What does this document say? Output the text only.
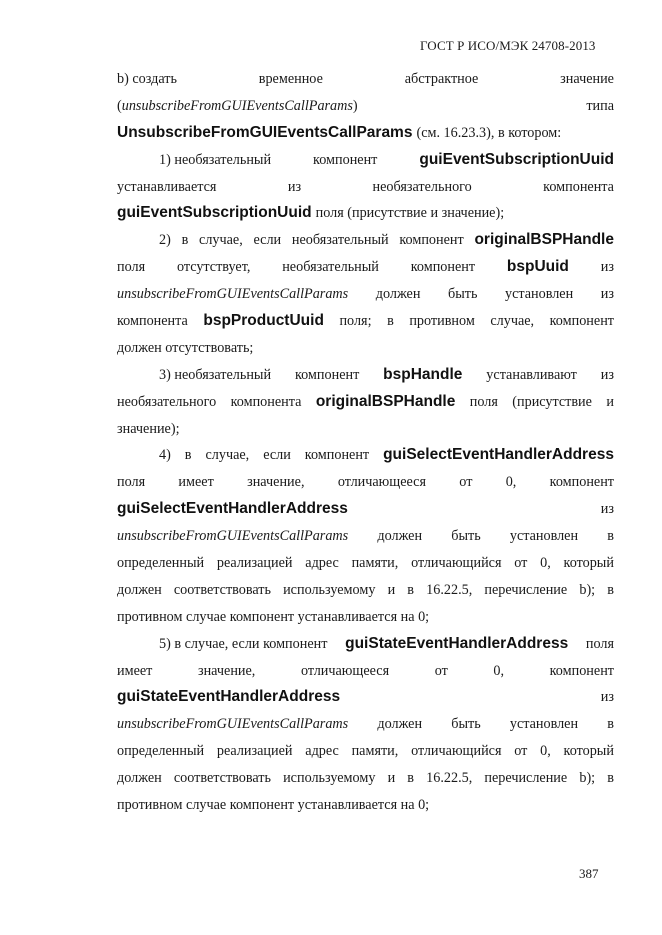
ГОСТ Р ИСО/МЭК 24708-2013
b) создать	временное	абстрактное	значение
(unsubscribeFromGUIEventsCallParams)	типа
UnsubscribeFromGUIEventsCallParams (см. 16.23.3), в котором:
1) необязательный	компонент	guiEventSubscriptionUuid
устанавливается	из	необязательного	компонента
guiEventSubscriptionUuid поля (присутствие и значение);
2) в случае, если необязательный компонент originalBSPHandle
поля отсутствует, необязательный компонент bspUuid из
unsubscribeFromGUIEventsCallParams должен быть установлен из
компонента bspProductUuid поля; в противном случае, компонент
должен отсутствовать;
3) необязательный компонент bspHandle устанавливают из
необязательного компонента originalBSPHandle поля (присутствие и
значение);
4) в случае, если компонент guiSelectEventHandlerAddress
поля имеет значение, отличающееся от 0, компонент
guiSelectEventHandlerAddress	из
unsubscribeFromGUIEventsCallParams должен быть установлен в
определенный реализацией адрес памяти, отличающийся от 0, который
должен соответствовать используемому и в 16.22.5, перечисление b); в
противном случае компонент устанавливается на 0;
5) в случае, если компонент guiStateEventHandlerAddress поля
имеет	значение,	отличающееся	от	0,	компонент
guiStateEventHandlerAddress	из
unsubscribeFromGUIEventsCallParams должен быть установлен в
определенный реализацией адрес памяти, отличающийся от 0, который
должен соответствовать используемому и в 16.22.5, перечисление b); в
противном случае компонент устанавливается на 0;
387
